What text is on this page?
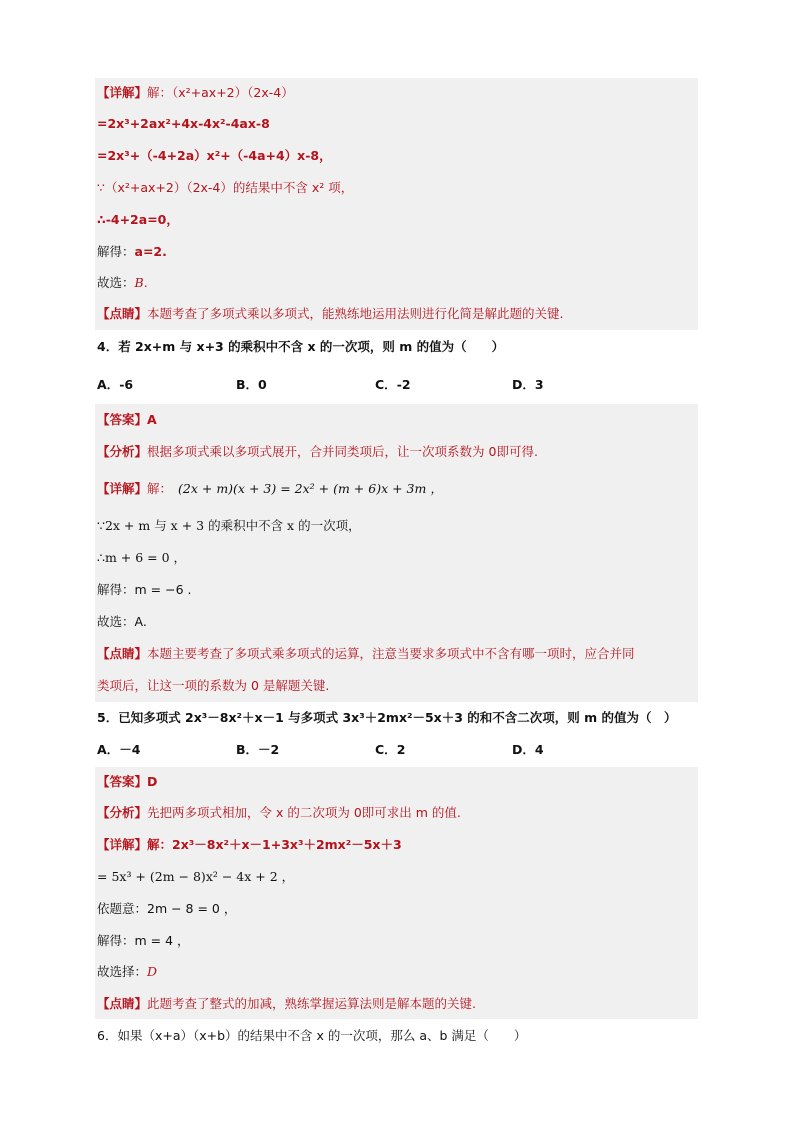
【详解】解：（x²+ax+2）（2x-4）
=2x³+2ax²+4x-4x²-4ax-8
=2x³+（-4+2a）x²+（-4a+4）x-8，
∵（x²+ax+2）（2x-4）的结果中不含 x² 项，
∴-4+2a=0，
解得：a=2.
故选：B.
【点睛】本题考查了多项式乘以多项式，能熟练地运用法则进行化简是解此题的关键.
4．若 2x+m 与 x+3 的乘积中不含 x 的一次项，则 m 的值为（　　）
A．-6	B．0	C．-2	D．3
【答案】A
【分析】根据多项式乘以多项式展开，合并同类项后，让一次项系数为 0即可得.
【详解】解： (2x + m)(x + 3) = 2x² + (m + 6)x + 3m ，
∵2x + m 与 x + 3 的乘积中不含 x 的一次项，
∴m + 6 = 0 ，
解得：m = −6 .
故选：A.
【点睛】本题主要考查了多项式乘多项式的运算，注意当要求多项式中不含有哪一项时，应合并同
类项后，让这一项的系数为 0 是解题关键.
5．已知多项式 2x³－8x²＋x－1 与多项式 3x³＋2mx²－5x＋3 的和不含二次项，则 m 的值为（　）
A．－4	B．－2	C．2	D．4
【答案】D
【分析】先把两多项式相加，令 x 的二次项为 0即可求出 m 的值.
【详解】解：2x³－8x²＋x－1+3x³＋2mx²－5x＋3
= 5x³ + (2m − 8)x² − 4x + 2 ，
依题意：2m − 8 = 0 ，
解得：m = 4 ，
故选择：D
【点睛】此题考查了整式的加减，熟练掌握运算法则是解本题的关键.
6．如果（x+a）（x+b）的结果中不含 x 的一次项，那么 a、b 满足（　　）
